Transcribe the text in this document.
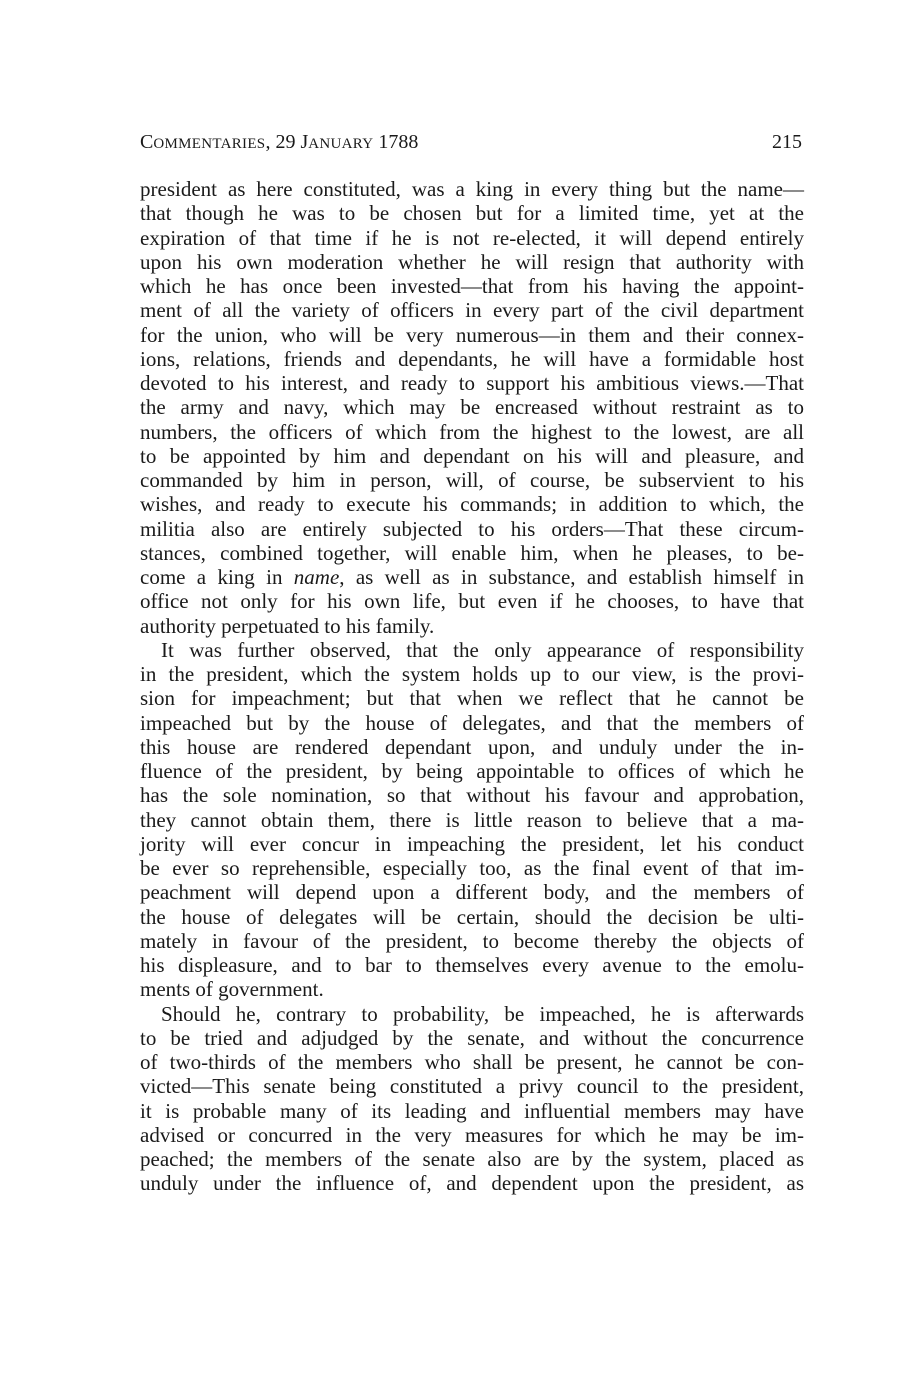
COMMENTARIES, 29 JANUARY 1788	215

president as here constituted, was a king in every thing but the name—

that though he was to be chosen but for a limited time, yet at the

expiration of that time if he is not re-elected, it will depend entirely

upon his own moderation whether he will resign that authority with

which he has once been invested—that from his having the appoint-

ment of all the variety of officers in every part of the civil department

for the union, who will be very numerous—in them and their connex-

ions, relations, friends and dependants, he will have a formidable host

devoted to his interest, and ready to support his ambitious views.—That

the army and navy, which may be encreased without restraint as to

numbers, the officers of which from the highest to the lowest, are all

to be appointed by him and dependant on his will and pleasure, and

commanded by him in person, will, of course, be subservient to his

wishes, and ready to execute his commands; in addition to which, the

militia also are entirely subjected to his orders—That these circum-

stances, combined together, will enable him, when he pleases, to be-

come a king in name, as well as in substance, and establish himself in

office not only for his own life, but even if he chooses, to have that

authority perpetuated to his family.

It was further observed, that the only appearance of responsibility

in the president, which the system holds up to our view, is the provi-

sion for impeachment; but that when we reflect that he cannot be

impeached but by the house of delegates, and that the members of

this house are rendered dependant upon, and unduly under the in-

fluence of the president, by being appointable to offices of which he

has the sole nomination, so that without his favour and approbation,

they cannot obtain them, there is little reason to believe that a ma-

jority will ever concur in impeaching the president, let his conduct

be ever so reprehensible, especially too, as the final event of that im-

peachment will depend upon a different body, and the members of

the house of delegates will be certain, should the decision be ulti-

mately in favour of the president, to become thereby the objects of

his displeasure, and to bar to themselves every avenue to the emolu-

ments of government.

Should he, contrary to probability, be impeached, he is afterwards

to be tried and adjudged by the senate, and without the concurrence

of two-thirds of the members who shall be present, he cannot be con-

victed—This senate being constituted a privy council to the president,

it is probable many of its leading and influential members may have

advised or concurred in the very measures for which he may be im-

peached; the members of the senate also are by the system, placed as

unduly under the influence of, and dependent upon the president, as
